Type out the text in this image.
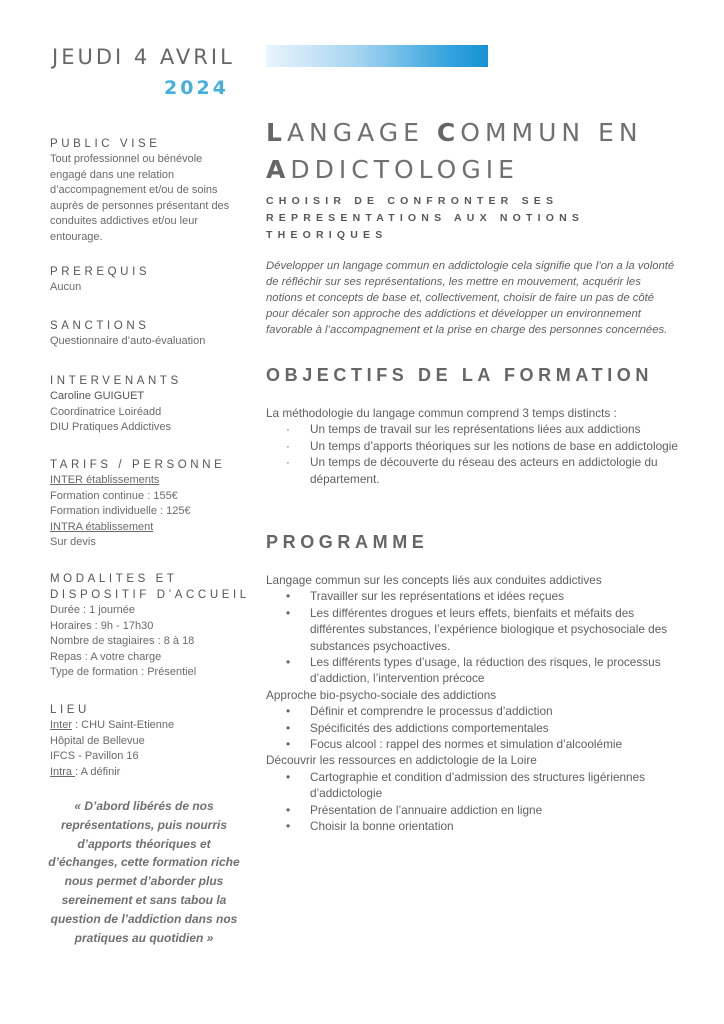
JEUDI 4 AVRIL
2024
PUBLIC VISE
Tout professionnel ou bénévole
engagé dans une relation
d’accompagnement et/ou de soins
auprès de personnes présentant des
conduites addictives et/ou leur
entourage.
PREREQUIS
Aucun
SANCTIONS
Questionnaire d’auto-évaluation
INTERVENANTS
Caroline GUIGUET
Coordinatrice Loiréadd
DIU Pratiques Addictives
TARIFS / PERSONNE
INTER établissements
Formation continue : 155€
Formation individuelle : 125€
INTRA établissement
Sur devis
MODALITES ET
DISPOSITIF D’ACCUEIL
Durée : 1 journée
Horaires : 9h - 17h30
Nombre de stagiaires : 8 à 18
Repas : A votre charge
Type de formation : Présentiel
LIEU
Inter : CHU Saint-Etienne
Hôpital de Bellevue
IFCS - Pavillon 16
Intra : A définir
« D’abord libérés de nos représentations, puis nourris d’apports théoriques et d’échanges, cette formation riche nous permet d’aborder plus sereinement et sans tabou la question de l’addiction dans nos pratiques au quotidien »
LANGAGE COMMUN EN
ADDICTOLOGIE
CHOISIR DE CONFRONTER SES
REPRESENTATIONS AUX NOTIONS
THEORIQUES
Développer un langage commun en addictologie cela signifie que l’on a la volonté de réfléchir sur ses représentations, les mettre en mouvement, acquérir les notions et concepts de base et, collectivement, choisir de faire un pas de côté pour décaler son approche des addictions et développer un environnement favorable à l’accompagnement et la prise en charge des personnes concernées.
OBJECTIFS DE LA FORMATION

La méthodologie du langage commun comprend 3 temps distincts :

· Un temps de travail sur les représentations liées aux addictions
· Un temps d’apports théoriques sur les notions de base en addictologie
· Un temps de découverte du réseau des acteurs en addictologie du département.
PROGRAMME

Langage commun sur les concepts liés aux conduites addictives

• Travailler sur les représentations et idées reçues
• Les différentes drogues et leurs effets, bienfaits et méfaits des différentes substances, l’expérience biologique et psychosociale des substances psychoactives.
• Les différents types d’usage, la réduction des risques, le processus d’addiction, l’intervention précoce

Approche bio-psycho-sociale des addictions

• Définir et comprendre le processus d’addiction
• Spécificités des addictions comportementales
• Focus alcool : rappel des normes et simulation d’alcoolémie

Découvrir les ressources en addictologie de la Loire

• Cartographie et condition d’admission des structures ligériennes d’addictologie
• Présentation de l’annuaire addiction en ligne
• Choisir la bonne orientation
